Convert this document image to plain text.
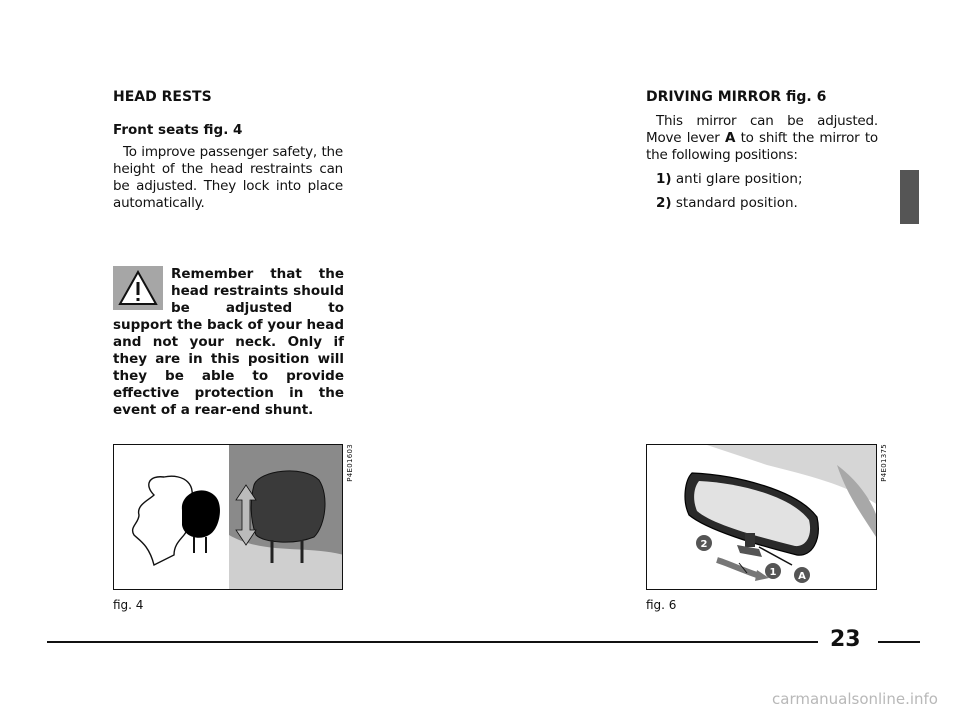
HEAD RESTS
Front seats fig. 4

To improve passenger safety, the height of the head restraints can be adjusted. They lock into place automatically.

Remember that the head restraints should be adjusted to support the back of your head and not your neck. Only if they are in this position will they be able to provide effective protection in the event of a rear-end shunt.
P4E01603
fig. 4
DRIVING MIRROR fig. 6

This mirror can be adjusted. Move lever A to shift the mirror to the following positions:

1) anti glare position;
2) standard position.
2
1 A
P4E01375
fig. 6
23
carmanualsonline.info
